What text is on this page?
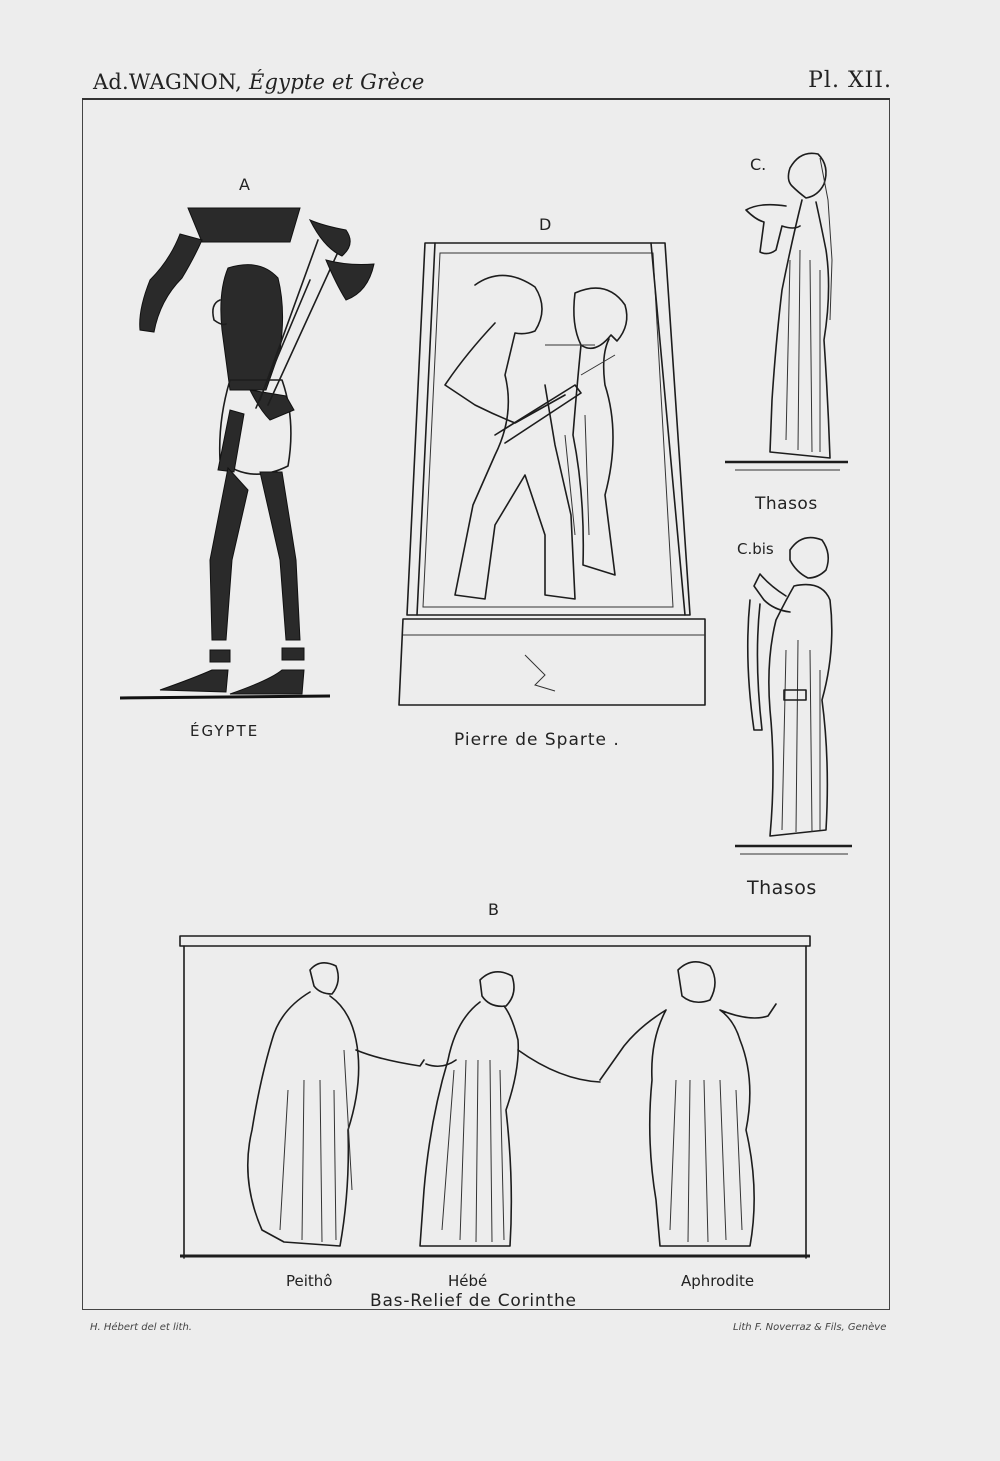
Ad.WAGNON, Égypte et Grèce	Pl. XII.
A
ÉGYPTE
D
Pierre de Sparte .
C.
Thasos
C.bis
Thasos
B
Peithô	Hébé	Aphrodite
Bas-Relief de Corinthe
H. Hébert del et lith.	Lith F. Noverraz & Fils, Genève
